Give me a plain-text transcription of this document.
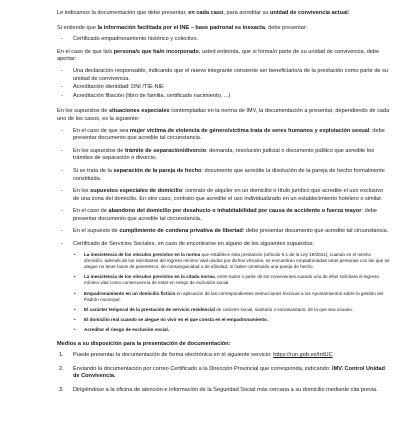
Le indicamos la documentación que debe presentar, en cada caso, para acreditar su unidad de convivencia actual:

Si entiende que la información facilitada por el INE – base padronal es inexacta, debe presentar:

- Certificado empadronamiento histórico y colectivo.

En el caso de que la/s persona/s que ha/n incorporado, usted entienda, que si forma/n parte de su unidad de convivencia, debe aportar:

- Una declaración responsable, indicando que el nuevo integrante consiente ser beneficiario/a de la prestación como parte de su unidad de convivencia.
- Acreditación identidad: DNI /TIE-NIE
- Acreditación filiación (libro de familia, certificado nacimiento, ...)

En los supuestos de situaciones especiales contempladas en la norma de IMV, la documentación a presentar, dependiendo de cada uno de los casos, es la siguiente:

- En el caso de que sea mujer víctima de violencia de género/víctima trata de seres humanos y explotación sexual: debe presentar documento que acredite tal circunstancia.
- En los supuestos de trámite de separación/divorcio: demanda, resolución judicial o documento público que acredite los trámites de separación o divorcio.
- Si se trata de la separación de la pareja de hecho: documento que acredite la disolución de la pareja de hecho formalmente constituida.
- En los supuestos especiales de domicilio: contrato de alquiler en un domicilio o título jurídico que acredite el uso exclusivo de una zona del domicilio. En otro caso, contrato que acredite el uso individualizado en un establecimiento hotelero o similar.
- En el caso de abandono del domicilio por desahucio o inhabitabilidad por causa de accidente o fuerza mayor: debe presentar documento que acredite tal circunstancia.
- En el supuesto de cumplimiento de condena privativa de libertad: debe presentar documento que acredite tal circunstancia.
- Certificado de Servicios Sociales, en caso de encontrarse en alguno de los siguientes supuestos:
• La inexistencia de los vínculos previstos en la norma que establece esta prestación (artículo 6.1 de la Ley 19/2021), cuando en el mismo domicilio, además de los solicitantes del ingreso mínimo vital unidos por dichos vínculos, se encuentran empadronadas otras personas con las que se alegue no tener lazos de parentesco, de consanguinidad o de afinidad, ni haber constituido una pareja de hecho.
• La inexistencia de los vínculos previstos en la citada norma, entre todos o parte de los convivientes cuando uno de ellos solicitara el ingreso mínimo vital como consecuencia de estar en riesgo de exclusión social.
• Empadronamiento en un domicilio ficticio en aplicación de las correspondientes instrucciones técnicas a los Ayuntamientos sobre la gestión del Padrón municipal.
• El carácter temporal de la prestación de servicio residencial de carácter social, sanitario o sociosanitario, de la que sea usuario.
• El domicilio real cuando se alegue no vivir en el que consta en el empadronamiento.
• Acreditar el riesgo de exclusión social.

Medios a su disposición para la presentación de documentación:

1. Puede presentar la documentación de forma electrónica en el siguiente servicio: https://run.gob.es/trdUC
2. Enviando la documentación por correo Certificado a la Dirección Provincial que corresponda, indicando: IMV. Control Unidad de Convivencia.
3. Dirigiéndose a la oficina de atención e información de la Seguridad Social más cercana a su domicilio mediante cita previa.
